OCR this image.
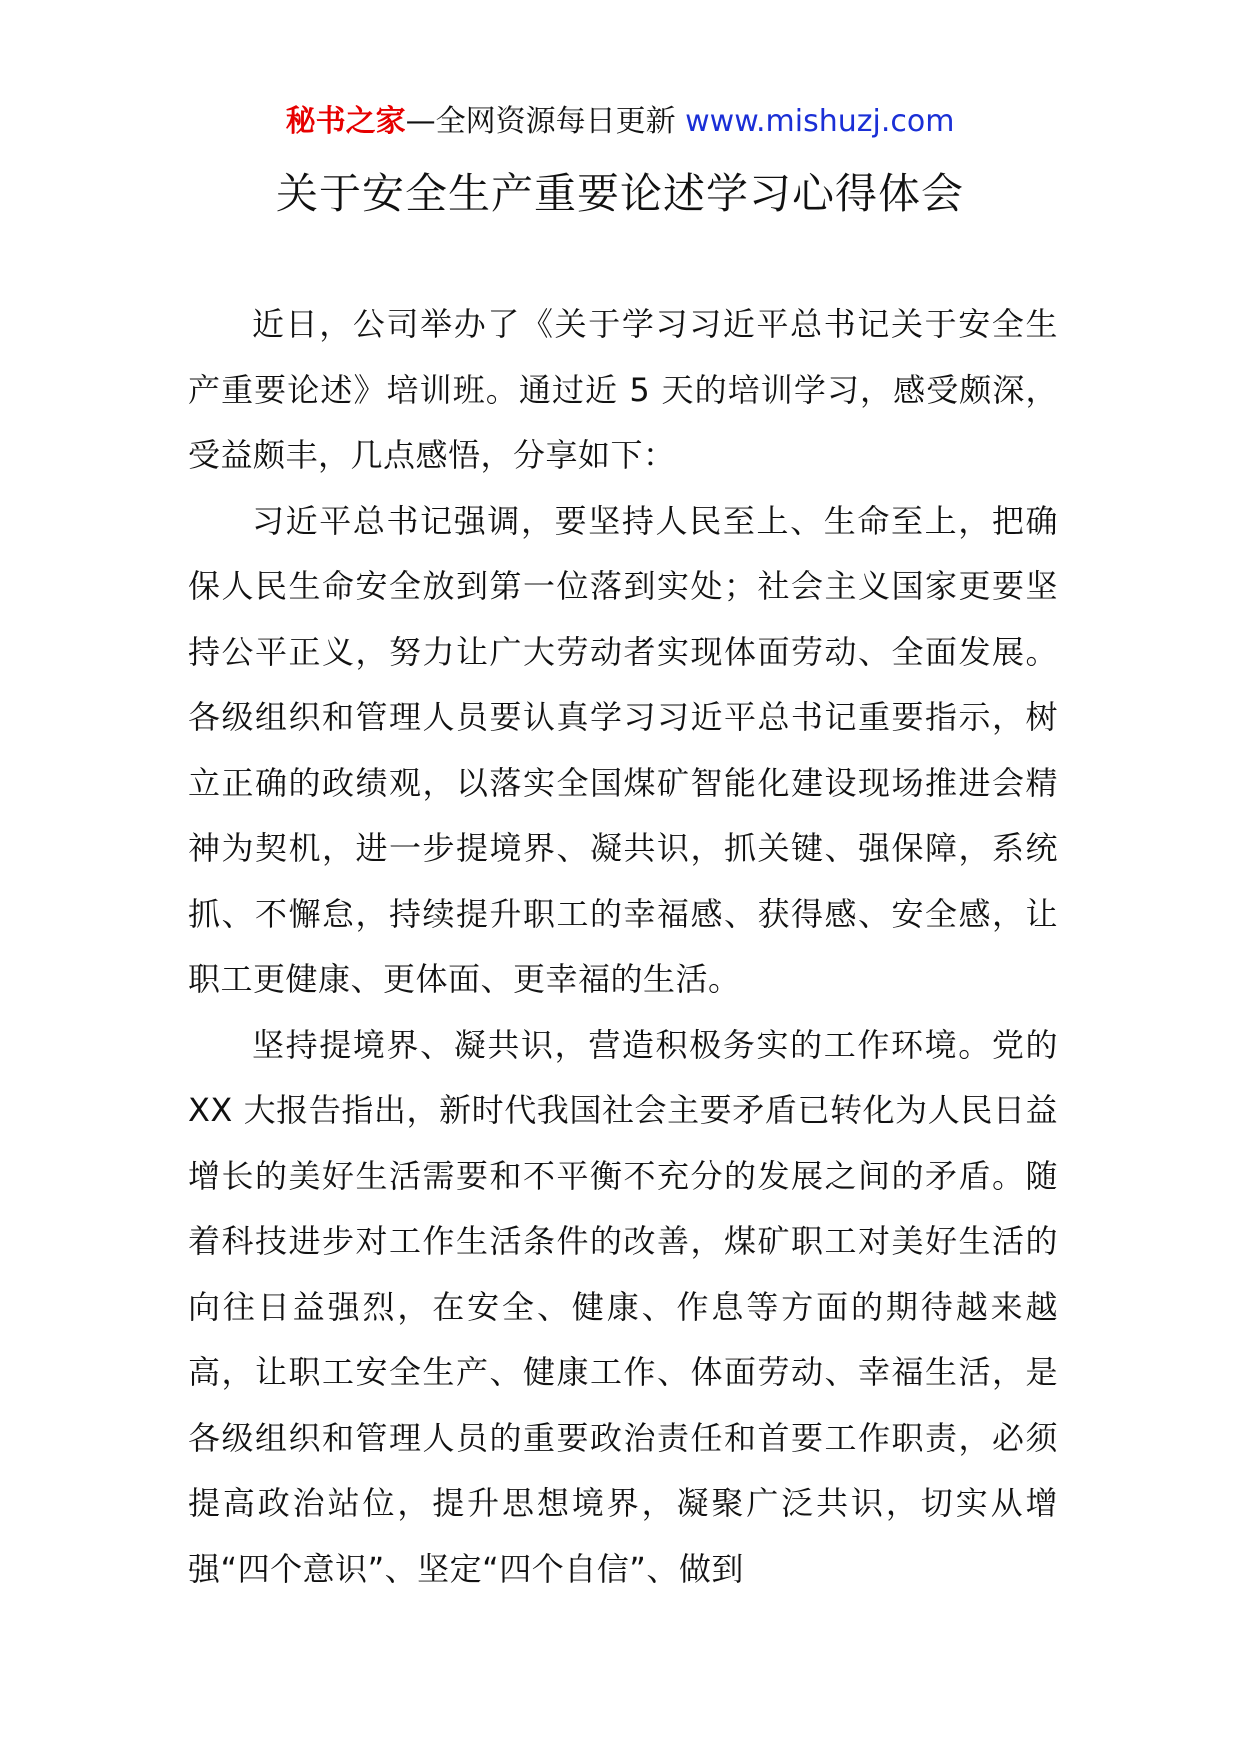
秘书之家—全网资源每日更新 www.mishuzj.com
关于安全生产重要论述学习心得体会

近日，公司举办了《关于学习习近平总书记关于安全生产重要论述》培训班。通过近 5 天的培训学习，感受颇深，受益颇丰，几点感悟，分享如下：

习近平总书记强调，要坚持人民至上、生命至上，把确保人民生命安全放到第一位落到实处；社会主义国家更要坚持公平正义，努力让广大劳动者实现体面劳动、全面发展。各级组织和管理人员要认真学习习近平总书记重要指示，树立正确的政绩观，以落实全国煤矿智能化建设现场推进会精神为契机，进一步提境界、凝共识，抓关键、强保障，系统抓、不懈怠，持续提升职工的幸福感、获得感、安全感，让职工更健康、更体面、更幸福的生活。

坚持提境界、凝共识，营造积极务实的工作环境。党的 XX 大报告指出，新时代我国社会主要矛盾已转化为人民日益增长的美好生活需要和不平衡不充分的发展之间的矛盾。随着科技进步对工作生活条件的改善，煤矿职工对美好生活的向往日益强烈，在安全、健康、作息等方面的期待越来越高，让职工安全生产、健康工作、体面劳动、幸福生活，是各级组织和管理人员的重要政治责任和首要工作职责，必须提高政治站位，提升思想境界，凝聚广泛共识，切实从增强“四个意识”、坚定“四个自信”、做到
